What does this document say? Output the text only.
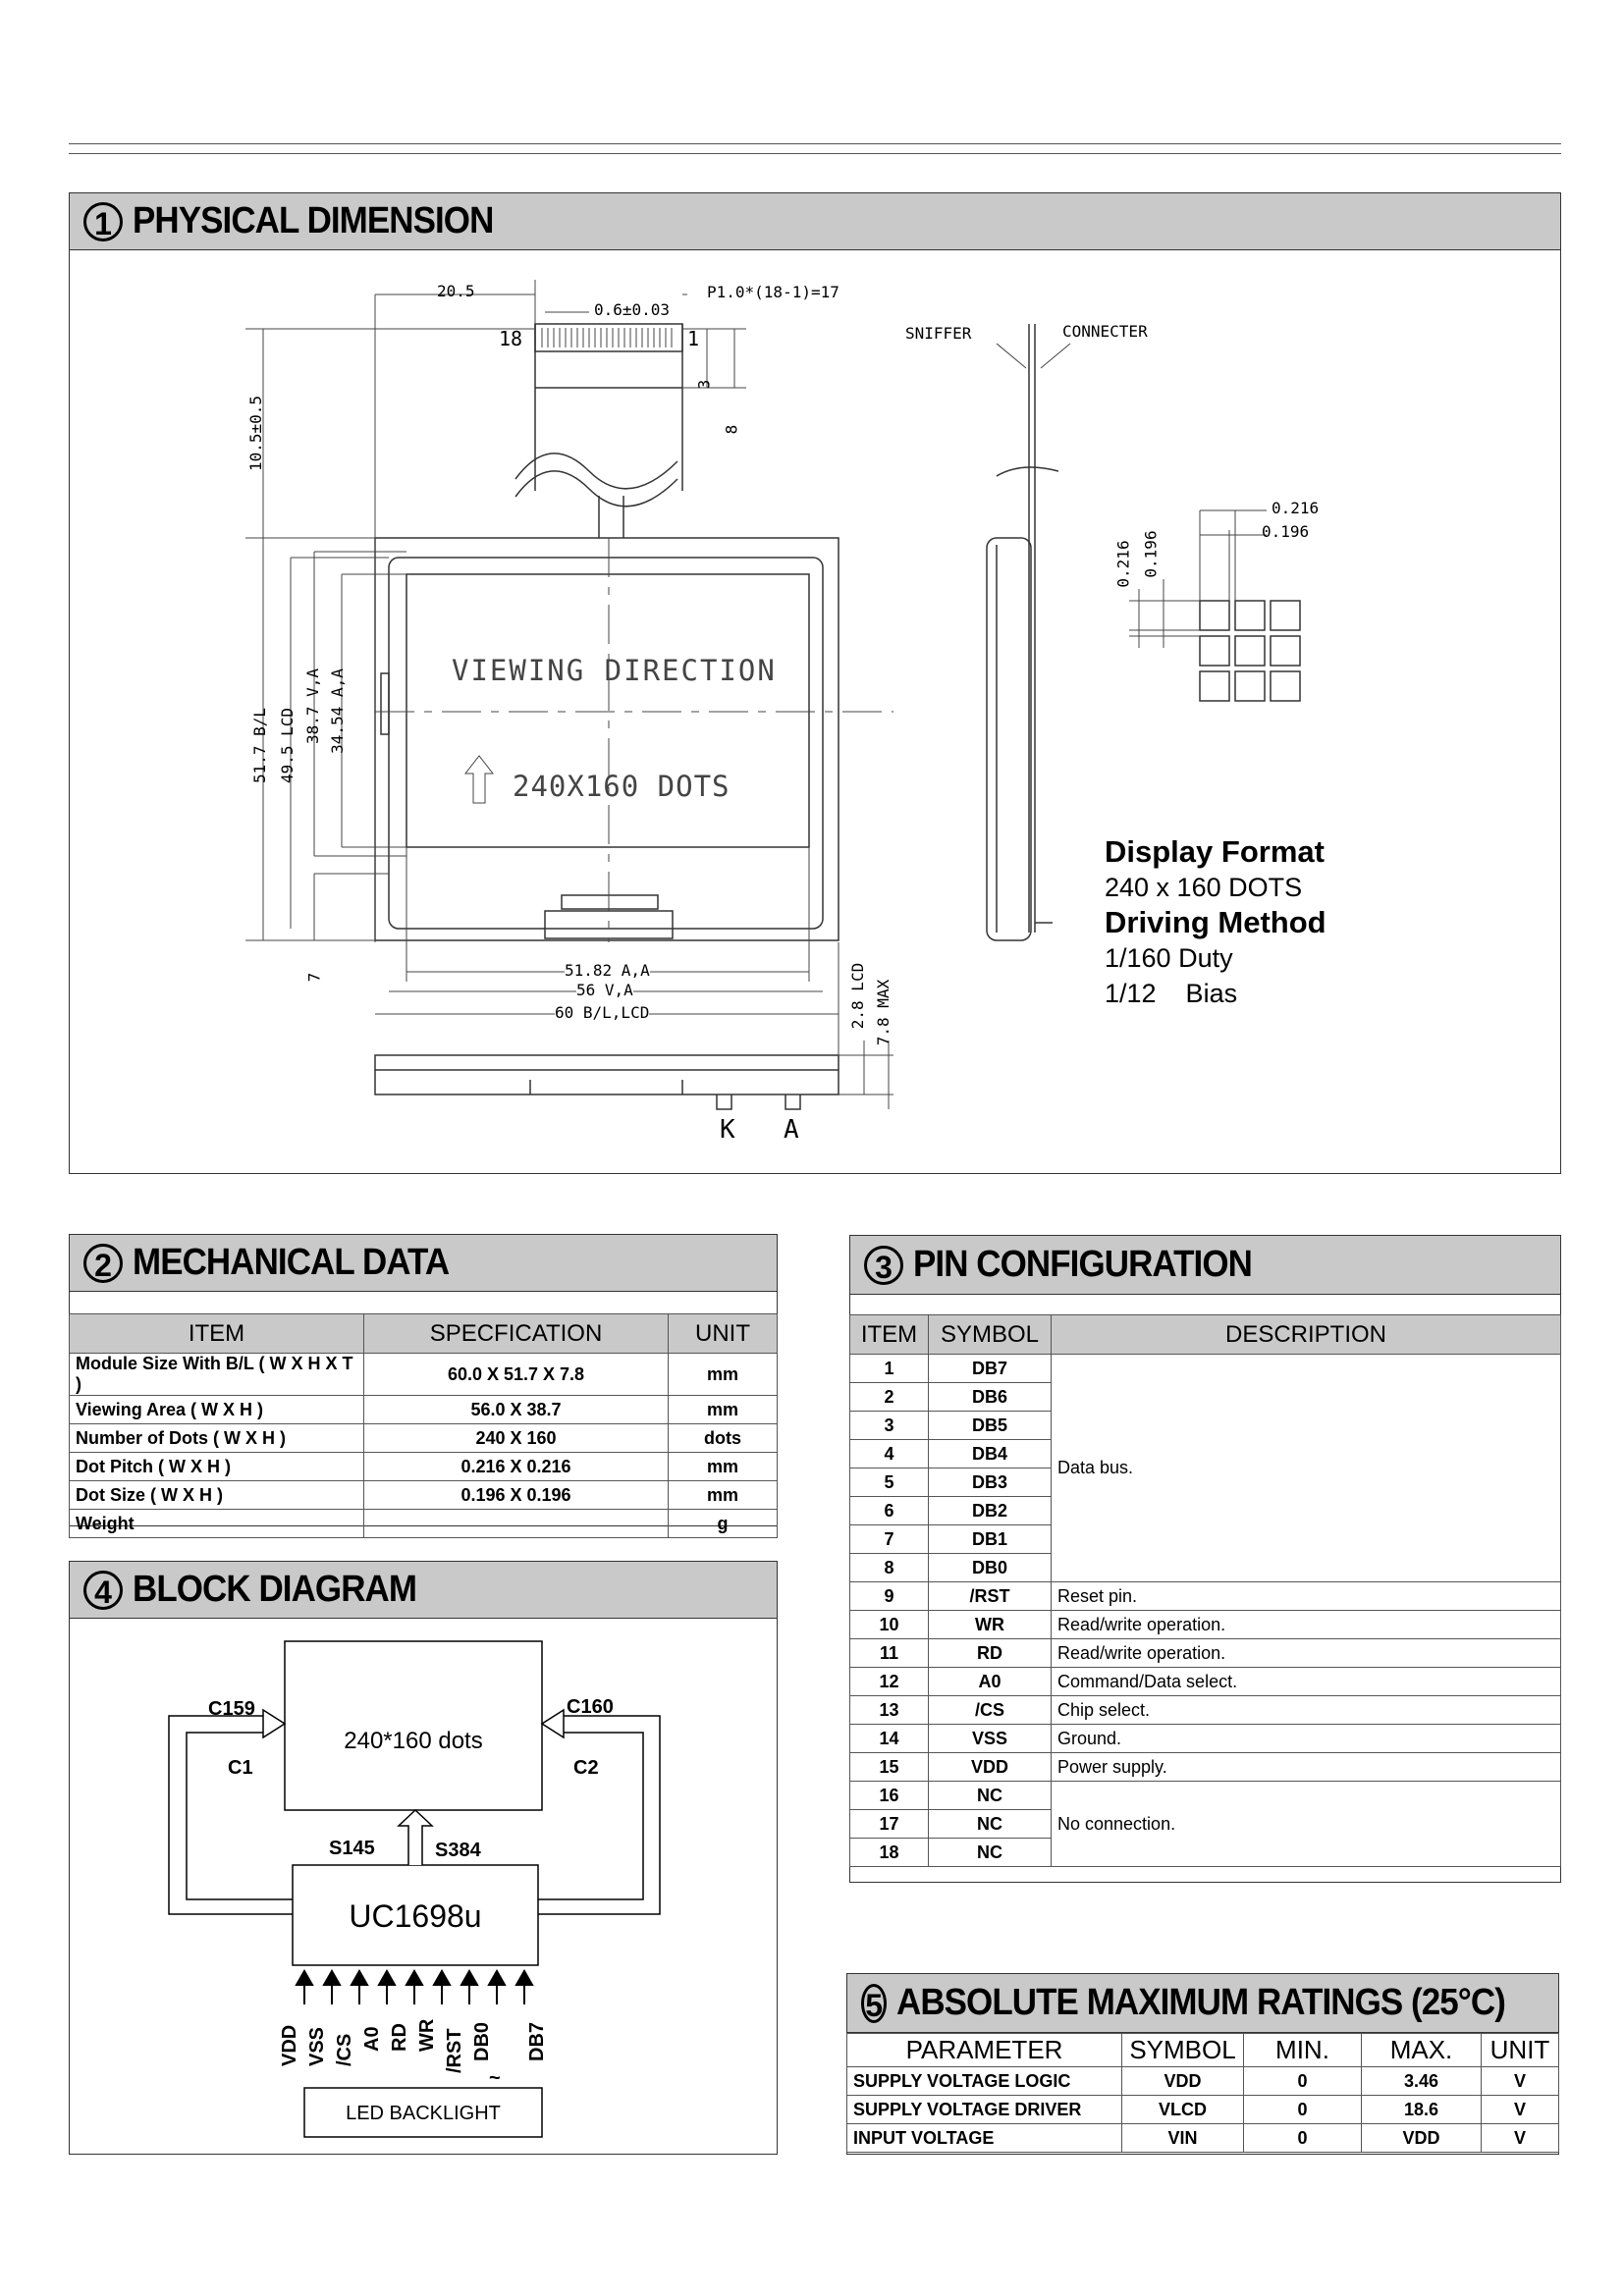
1 PHYSICAL DIMENSION
20.5
0.6±0.03
P1.0*(18-1)=17
18	1
3
8
10.5±0.5
51.7 B/L 49.5 LCD
38.7 V,A 34.54 A,A
7
VIEWING DIRECTION
240X160 DOTS
51.82 A,A
56 V,A
60 B/L,LCD	2.8 LCD 7.8 MAX
K A
SNIFFER	CONNECTER
0.216
0.196
0.216 0.196
Display Format
240 x 160 DOTS
Driving Method
1/160 Duty
1/12    Bias
2 MECHANICAL DATA
ITEM	SPECFICATION	UNIT
Module Size With B/L ( W X H X T )	60.0 X 51.7 X 7.8	mm
Viewing Area ( W X H )	56.0 X 38.7	mm
Number of Dots ( W X H )	240 X 160	dots
Dot Pitch ( W X H )	0.216 X 0.216	mm
Dot Size ( W X H )	0.196 X 0.196	mm
Weight		g
3 PIN CONFIGURATION
ITEM	SYMBOL	DESCRIPTION
1	DB7	Data bus.
2	DB6	
3	DB5	
4	DB4	
5	DB3	
6	DB2	
7	DB1	
8	DB0	
9	/RST	Reset pin.
10	WR	Read/write operation.
11	RD	Read/write operation.
12	A0	Command/Data select.
13	/CS	Chip select.
14	VSS	Ground.
15	VDD	Power supply.
16	NC	No connection.
17	NC	
18	NC	
4 BLOCK DIAGRAM
240*160 dots
UC1698u
LED BACKLIGHT
C159
C1
C160
C2
S145	S384
VDD VSS /CS A0 RD WR /RST DB0
~
DB7
5 ABSOLUTE MAXIMUM RATINGS (25°C)
PARAMETER	SYMBOL	MIN.	MAX.	UNIT
SUPPLY VOLTAGE LOGIC	VDD	0	3.46	V
SUPPLY VOLTAGE DRIVER	VLCD	0	18.6	V
INPUT VOLTAGE	VIN	0	VDD	V
